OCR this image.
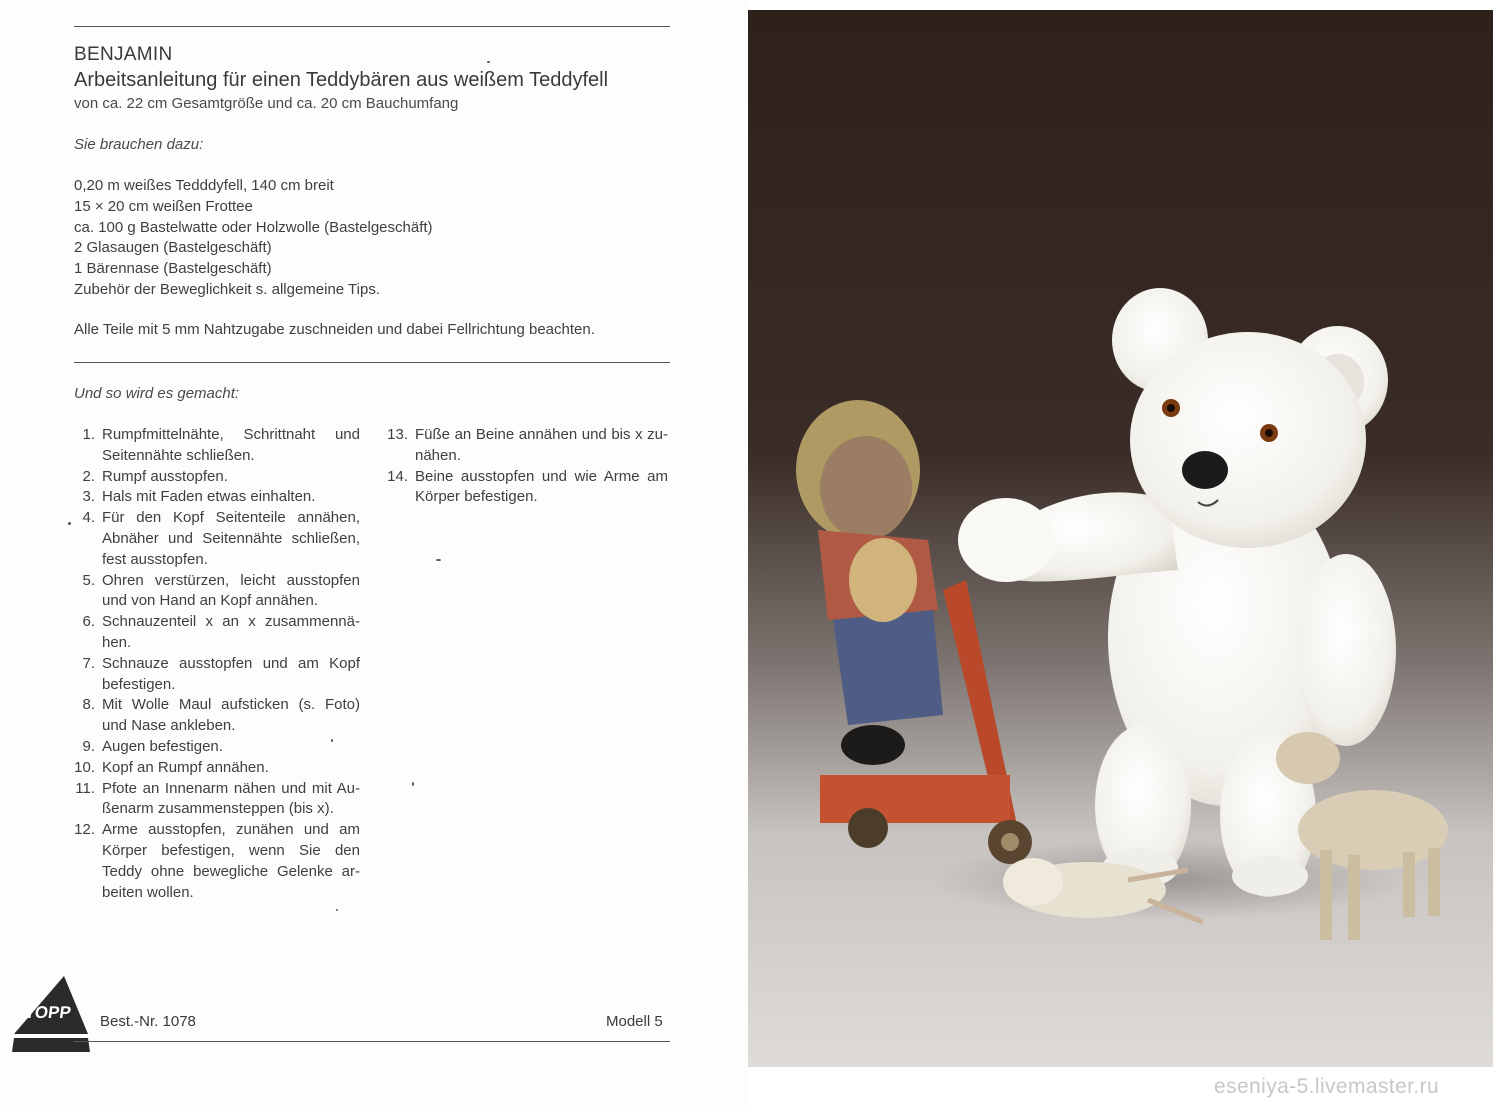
BENJAMIN
Arbeitsanleitung für einen Teddybären aus weißem Teddyfell
von ca. 22 cm Gesamtgröße und ca. 20 cm Bauchumfang
Sie brauchen dazu:
0,20 m weißes Tedddyfell, 140 cm breit
15 × 20 cm weißen Frottee
ca. 100 g Bastelwatte oder Holzwolle (Bastelgeschäft)
2 Glasaugen (Bastelgeschäft)
1 Bärennase (Bastelgeschäft)
Zubehör der Beweglichkeit s. allgemeine Tips.
Alle Teile mit 5 mm Nahtzugabe zuschneiden und dabei Fellrichtung beachten.
Und so wird es gemacht:
1. Rumpfmittelnähte, Schrittnaht und Seitennähte schließen.
2. Rumpf ausstopfen.
3. Hals mit Faden etwas einhalten.
4. Für den Kopf Seitenteile annähen, Abnäher und Seitennähte schließen, fest ausstopfen.
5. Ohren verstürzen, leicht ausstopfen und von Hand an Kopf annähen.
6. Schnauzenteil x an x zusammennä-hen.
7. Schnauze ausstopfen und am Kopf befestigen.
8. Mit Wolle Maul aufsticken (s. Foto) und Nase ankleben.
9. Augen befestigen.
10. Kopf an Rumpf annähen.
11. Pfote an Innenarm nähen und mit Au-ßenarm zusammensteppen (bis x).
12. Arme ausstopfen, zunähen und am Körper befestigen, wenn Sie den Teddy ohne bewegliche Gelenke ar-beiten wollen.
13. Füße an Beine annähen und bis x zu-nähen.
14. Beine ausstopfen und wie Arme am Körper befestigen.
TOPP Best.-Nr. 1078	Modell 5
eseniya-5.livemaster.ru
